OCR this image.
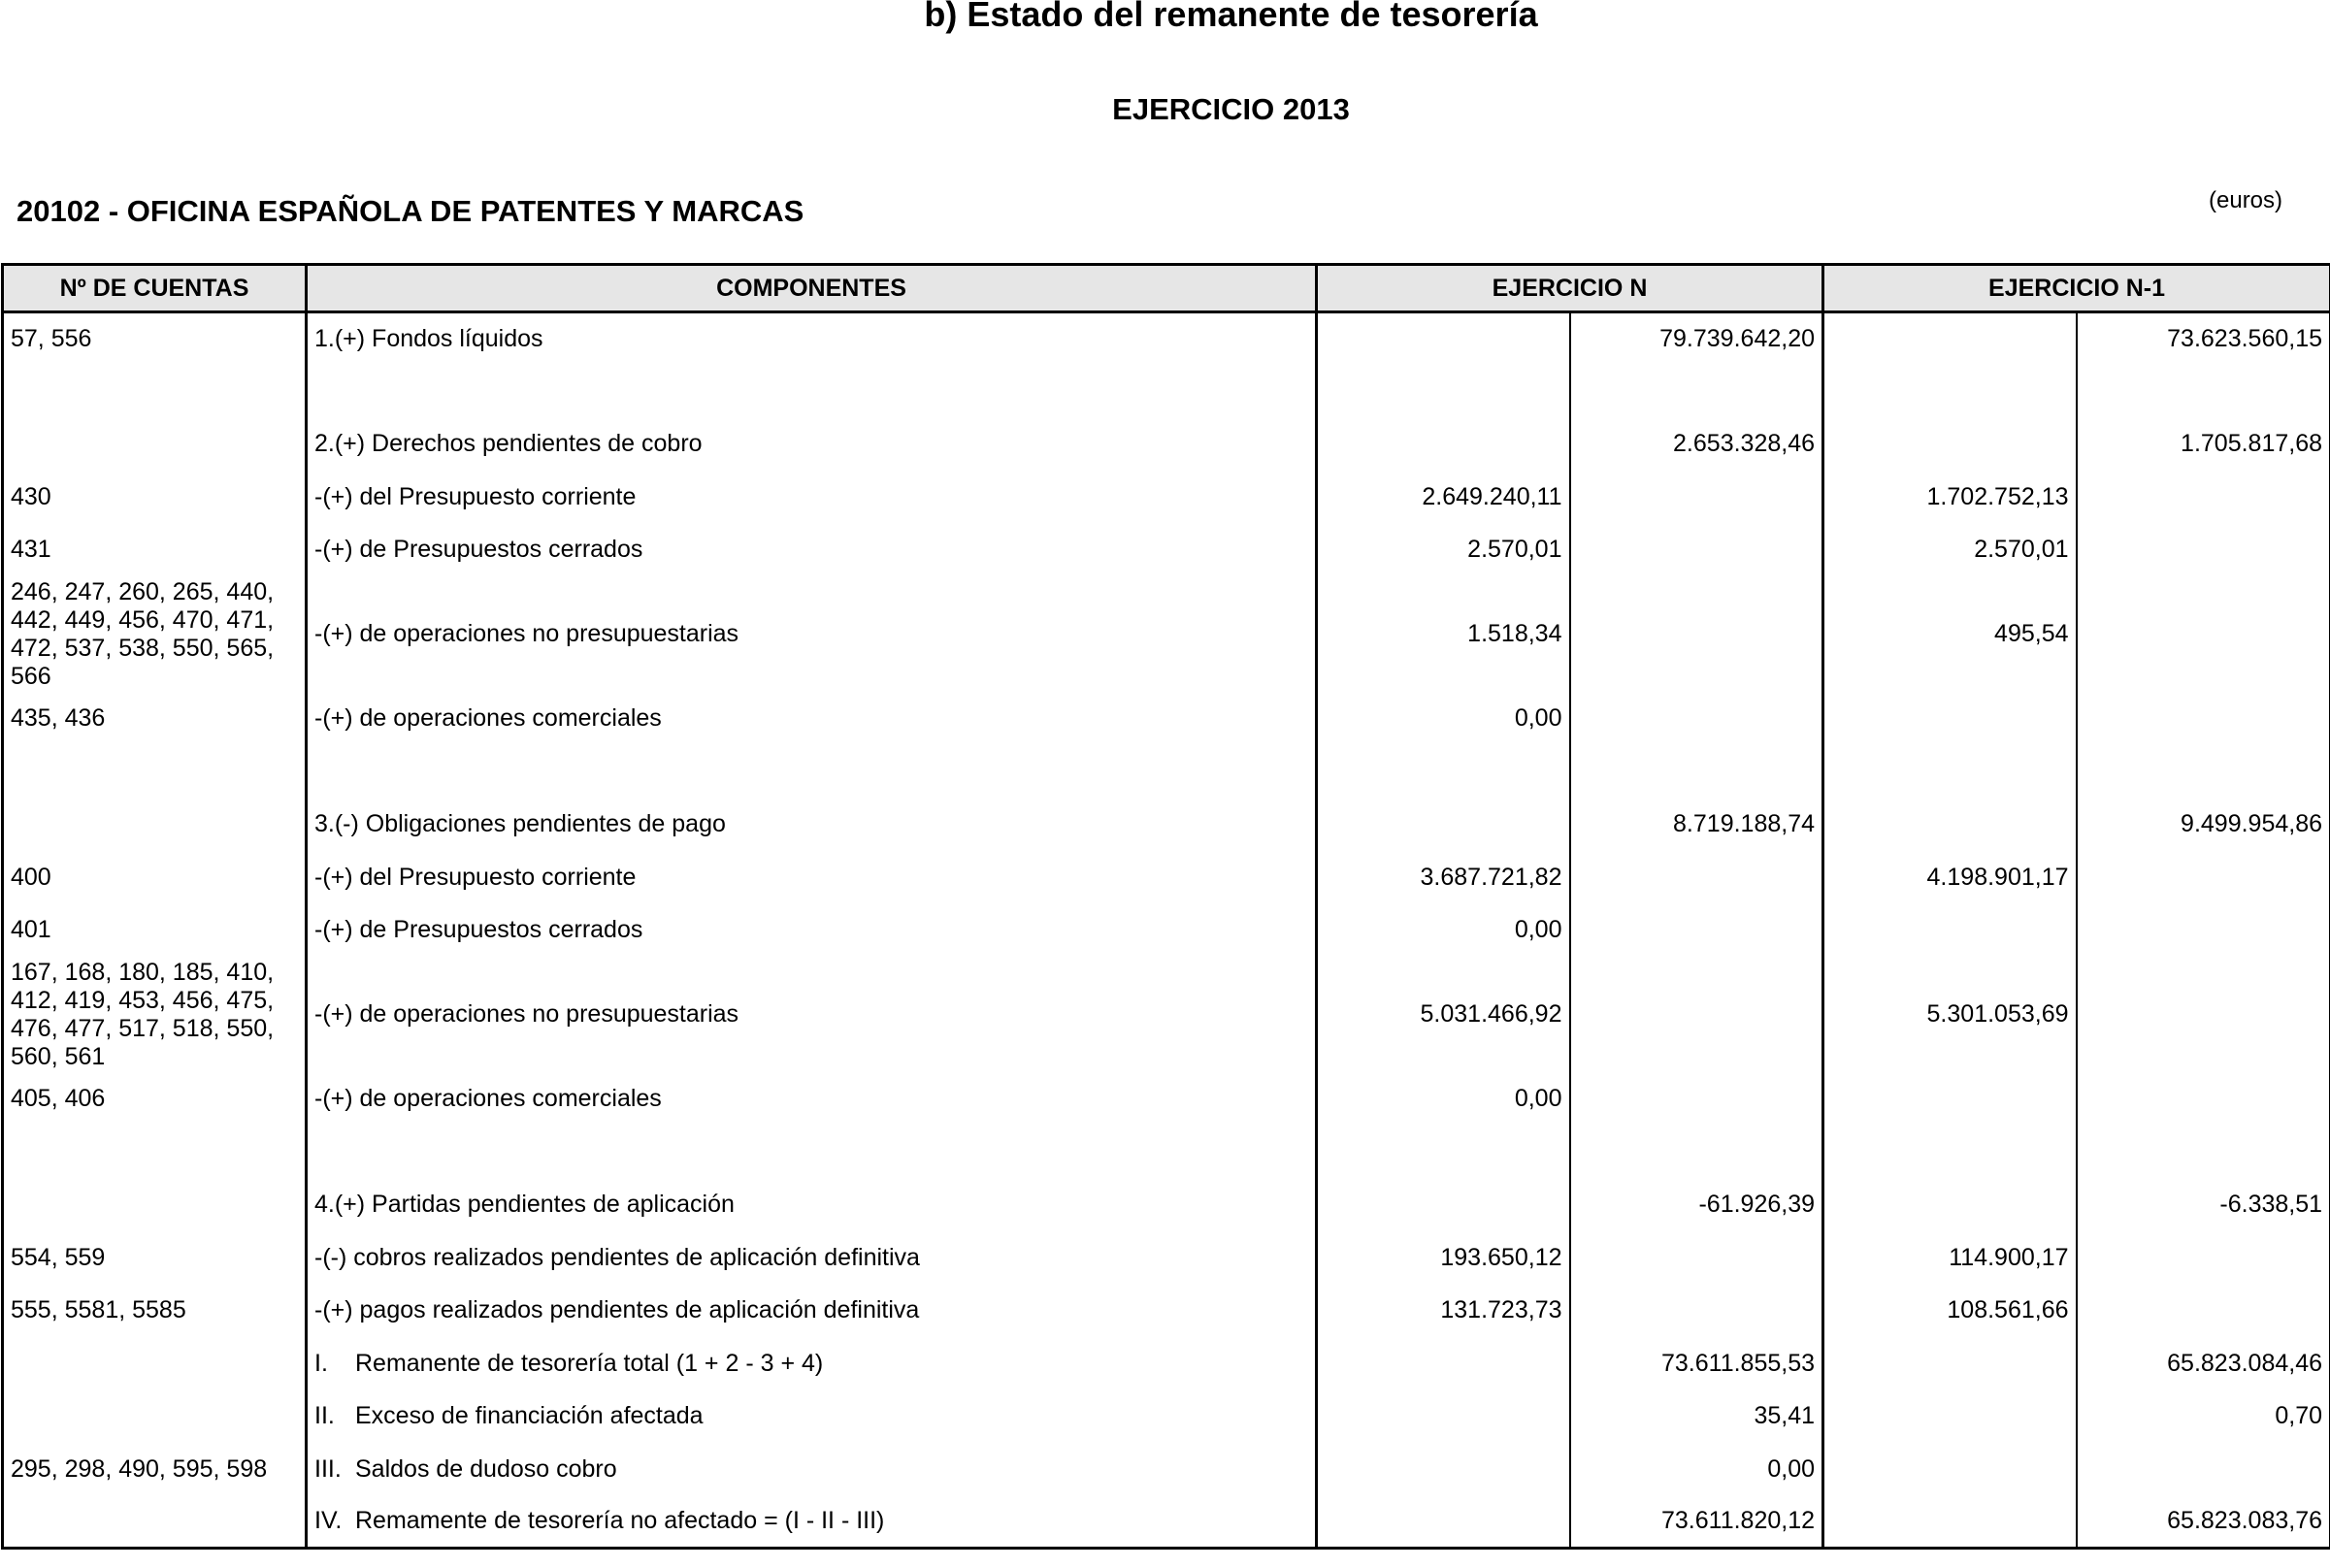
b) Estado del remanente de tesorería
EJERCICIO 2013
20102 - OFICINA ESPAÑOLA DE PATENTES Y MARCAS	(euros)
Nº DE CUENTAS	COMPONENTES	EJERCICIO N		EJERCICIO N-1	
57, 556	1.(+) Fondos líquidos		79.739.642,20		73.623.560,15

	2.(+) Derechos pendientes de cobro		2.653.328,46		1.705.817,68
430	-(+) del Presupuesto corriente	2.649.240,11		1.702.752,13	
431	-(+) de Presupuestos cerrados	2.570,01		2.570,01	
246, 247, 260, 265, 440, 442, 449, 456, 470, 471, 472, 537, 538, 550, 565, 566	-(+) de operaciones no presupuestarias	1.518,34		495,54	
435, 436	-(+) de operaciones comerciales	0,00			

	3.(-) Obligaciones pendientes de pago		8.719.188,74		9.499.954,86
400	-(+) del Presupuesto corriente	3.687.721,82		4.198.901,17	
401	-(+) de Presupuestos cerrados	0,00			
167, 168, 180, 185, 410, 412, 419, 453, 456, 475, 476, 477, 517, 518, 550, 560, 561	-(+) de operaciones no presupuestarias	5.031.466,92		5.301.053,69	
405, 406	-(+) de operaciones comerciales	0,00			

	4.(+) Partidas pendientes de aplicación		-61.926,39		-6.338,51
554, 559	-(-) cobros realizados pendientes de aplicación definitiva	193.650,12		114.900,17	
555, 5581, 5585	-(+) pagos realizados pendientes de aplicación definitiva	131.723,73		108.561,66	
	I. Remanente de tesorería total (1 + 2 - 3 + 4)		73.611.855,53		65.823.084,46
	II. Exceso de financiación afectada		35,41		0,70
295, 298, 490, 595, 598	III. Saldos de dudoso cobro		0,00		
	IV. Remamente de tesorería no afectado = (I - II - III)		73.611.820,12		65.823.083,76
